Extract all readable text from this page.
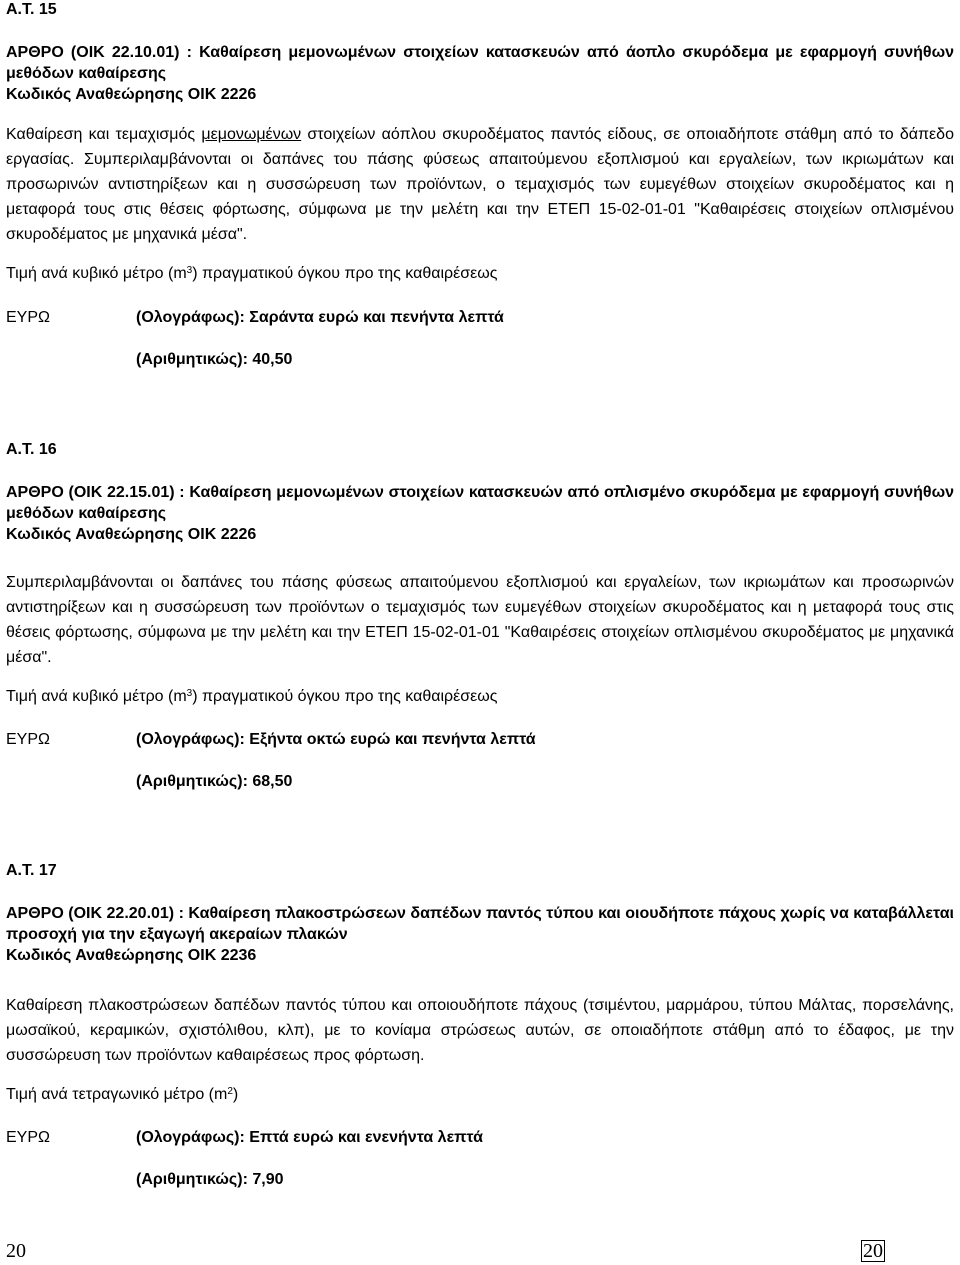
Α.Τ. 15

ΑΡΘΡΟ (ΟΙΚ 22.10.01) : Καθαίρεση μεμονωμένων στοιχείων κατασκευών από άοπλο σκυρόδεμα με εφαρμογή συνήθων μεθόδων καθαίρεσης

Κωδικός Αναθεώρησης ΟΙΚ 2226

Καθαίρεση και τεμαχισμός μεμονωμένων στοιχείων αόπλου σκυροδέματος παντός είδους, σε οποιαδήποτε στάθμη από το δάπεδο εργασίας. Συμπεριλαμβάνονται οι δαπάνες του πάσης φύσεως απαιτούμενου εξοπλισμού και εργαλείων, των ικριωμάτων και προσωρινών αντιστηρίξεων και η συσσώρευση των προϊόντων, ο τεμαχισμός των ευμεγέθων στοιχείων σκυροδέματος και η μεταφορά τους στις θέσεις φόρτωσης, σύμφωνα με την μελέτη και την ΕΤΕΠ 15-02-01-01 "Καθαιρέσεις στοιχείων οπλισμένου σκυροδέματος με μηχανικά μέσα".

Τιμή ανά κυβικό μέτρο $(m^3)$ πραγματικού όγκου προ της καθαιρέσεως

ΕΥΡΩ	(Ολογράφως): Σαράντα ευρώ και πενήντα λεπτά
(Αριθμητικώς): 40,50

Α.Τ. 16

ΑΡΘΡΟ (ΟΙΚ 22.15.01) : Καθαίρεση μεμονωμένων στοιχείων κατασκευών από οπλισμένο σκυρόδεμα με εφαρμογή συνήθων μεθόδων καθαίρεσης

Κωδικός Αναθεώρησης ΟΙΚ 2226

Συμπεριλαμβάνονται οι δαπάνες του πάσης φύσεως απαιτούμενου εξοπλισμού και εργαλείων, των ικριωμάτων και προσωρινών αντιστηρίξεων και η συσσώρευση των προϊόντων ο τεμαχισμός των ευμεγέθων στοιχείων σκυροδέματος και η μεταφορά τους στις θέσεις φόρτωσης, σύμφωνα με την μελέτη και την ΕΤΕΠ 15-02-01-01 "Καθαιρέσεις στοιχείων οπλισμένου σκυροδέματος με μηχανικά μέσα".

Τιμή ανά κυβικό μέτρο $(m^3)$ πραγματικού όγκου προ της καθαιρέσεως

ΕΥΡΩ	(Ολογράφως): Εξήντα οκτώ ευρώ και πενήντα λεπτά
(Αριθμητικώς): 68,50

Α.Τ. 17

ΑΡΘΡΟ (ΟΙΚ 22.20.01) : Καθαίρεση πλακοστρώσεων δαπέδων παντός τύπου και οιουδήποτε πάχους χωρίς να καταβάλλεται προσοχή για την εξαγωγή ακεραίων πλακών

Κωδικός Αναθεώρησης ΟΙΚ 2236

Καθαίρεση πλακοστρώσεων δαπέδων παντός τύπου και οποιουδήποτε πάχους (τσιμέντου, μαρμάρου, τύπου Μάλτας, πορσελάνης, μωσαϊκού, κεραμικών, σχιστόλιθου, κλπ), με το κονίαμα στρώσεως αυτών, σε οποιαδήποτε στάθμη από το έδαφος, με την συσσώρευση των προϊόντων καθαιρέσεως προς φόρτωση.

Τιμή ανά τετραγωνικό μέτρο $(m^2)$

ΕΥΡΩ	(Ολογράφως): Επτά ευρώ και ενενήντα λεπτά
(Αριθμητικώς): 7,90
20	20
